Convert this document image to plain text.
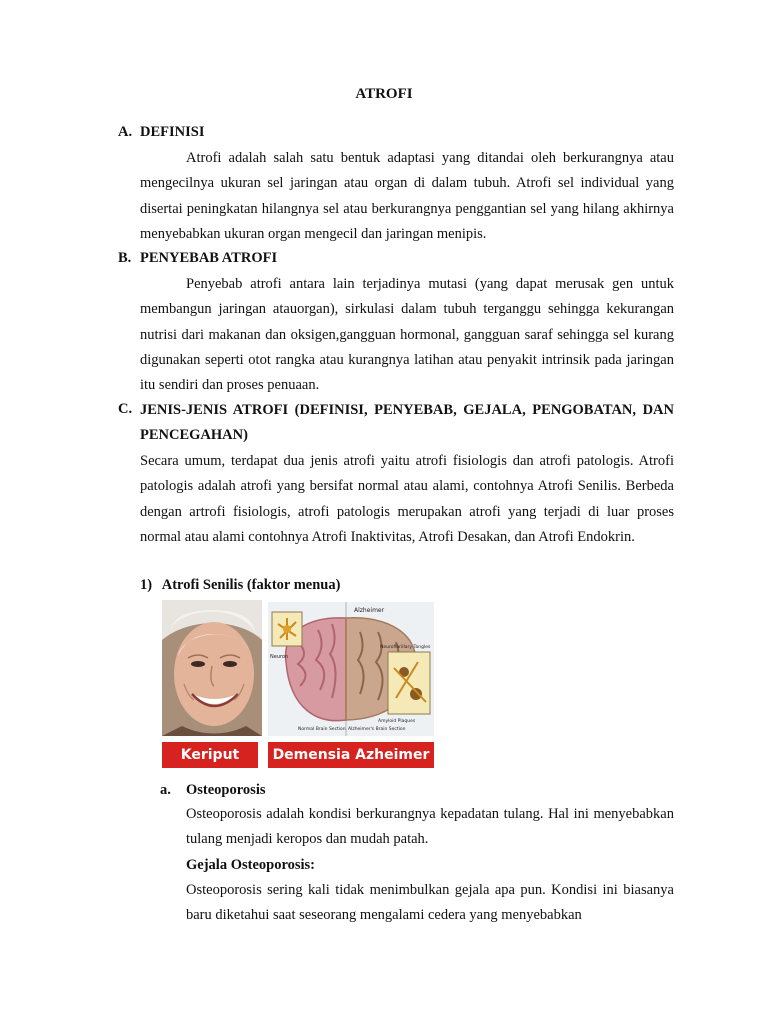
ATROFI
A. DEFINISI

Atrofi adalah salah satu bentuk adaptasi yang ditandai oleh berkurangnya atau mengecilnya ukuran sel jaringan atau organ di dalam tubuh. Atrofi sel individual yang disertai peningkatan hilangnya sel atau berkurangnya penggantian sel yang hilang akhirnya menyebabkan ukuran organ mengecil dan jaringan menipis.

B. PENYEBAB ATROFI

Penyebab atrofi antara lain terjadinya mutasi (yang dapat merusak gen untuk membangun jaringan atauorgan), sirkulasi dalam tubuh terganggu sehingga kekurangan nutrisi dari makanan dan oksigen,gangguan hormonal, gangguan saraf sehingga sel kurang digunakan seperti otot rangka atau kurangnya latihan atau penyakit intrinsik pada jaringan itu sendiri dan proses penuaan.

C. JENIS-JENIS ATROFI (DEFINISI, PENYEBAB, GEJALA, PENGOBATAN, DAN PENCEGAHAN)

Secara umum, terdapat dua jenis atrofi yaitu atrofi fisiologis dan atrofi patologis. Atrofi patologis adalah atrofi yang bersifat normal atau alami, contohnya Atrofi Senilis. Berbeda dengan artrofi fisiologis, atrofi patologis merupakan atrofi yang terjadi di luar proses normal atau alami contohnya Atrofi Inaktivitas, Atrofi Desakan, dan Atrofi Endokrin.

1) Atrofi Senilis (faktor menua)
Alzheimer
Neuron
Neurofibrillary Tangles
Amyloid Plaques
Normal Brain Section Alzheimer's Brain Section
Keriput	Demensia Azheimer
a. Osteoporosis

Osteoporosis adalah kondisi berkurangnya kepadatan tulang. Hal ini menyebabkan tulang menjadi keropos dan mudah patah.

Gejala Osteoporosis:

Osteoporosis sering kali tidak menimbulkan gejala apa pun. Kondisi ini biasanya baru diketahui saat seseorang mengalami cedera yang menyebabkan
